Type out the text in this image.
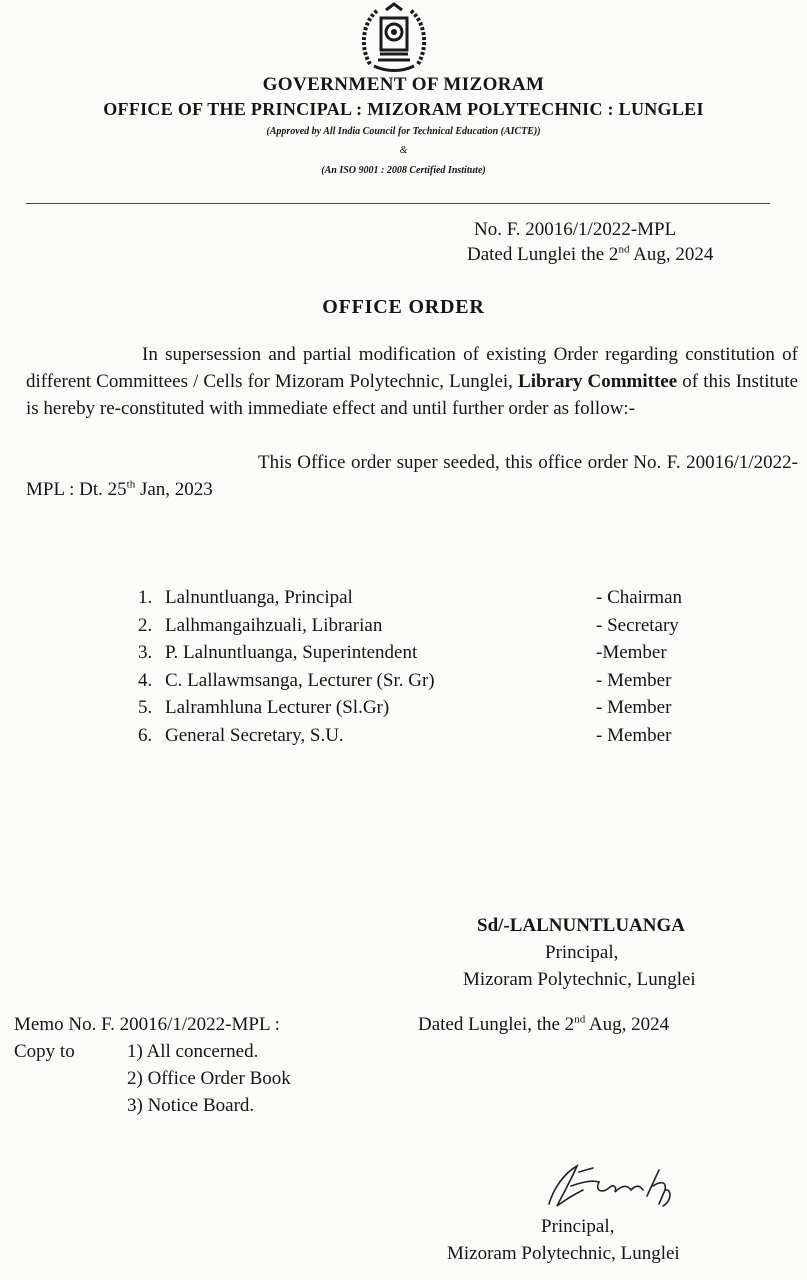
GOVERNMENT OF MIZORAM
OFFICE OF THE PRINCIPAL : MIZORAM POLYTECHNIC : LUNGLEI
(Approved by All India Council for Technical Education (AICTE))
&
(An ISO 9001 : 2008 Certified Institute)
No. F. 20016/1/2022-MPL
Dated Lunglei the 2nd Aug, 2024
OFFICE ORDER
In supersession and partial modification of existing Order regarding constitution of different Committees / Cells for Mizoram Polytechnic, Lunglei, Library Committee of this Institute is hereby re-constituted with immediate effect and until further order as follow:-
This Office order super seeded, this office order No. F. 20016/1/2022-MPL : Dt. 25th Jan, 2023
1. Lalnuntluanga, Principal	- Chairman
2. Lalhmangaihzuali, Librarian	- Secretary
3. P. Lalnuntluanga, Superintendent	-Member
4. C. Lallawmsanga, Lecturer (Sr. Gr)	- Member
5. Lalramhluna Lecturer (Sl.Gr)	- Member
6. General Secretary, S.U.	- Member
Sd/-LALNUNTLUANGA
Principal,
Mizoram Polytechnic, Lunglei
Memo No. F. 20016/1/2022-MPL :	Dated Lunglei, the 2nd Aug, 2024
Copy to	1) All concerned.
2) Office Order Book
3) Notice Board.
Principal,
Mizoram Polytechnic, Lunglei
